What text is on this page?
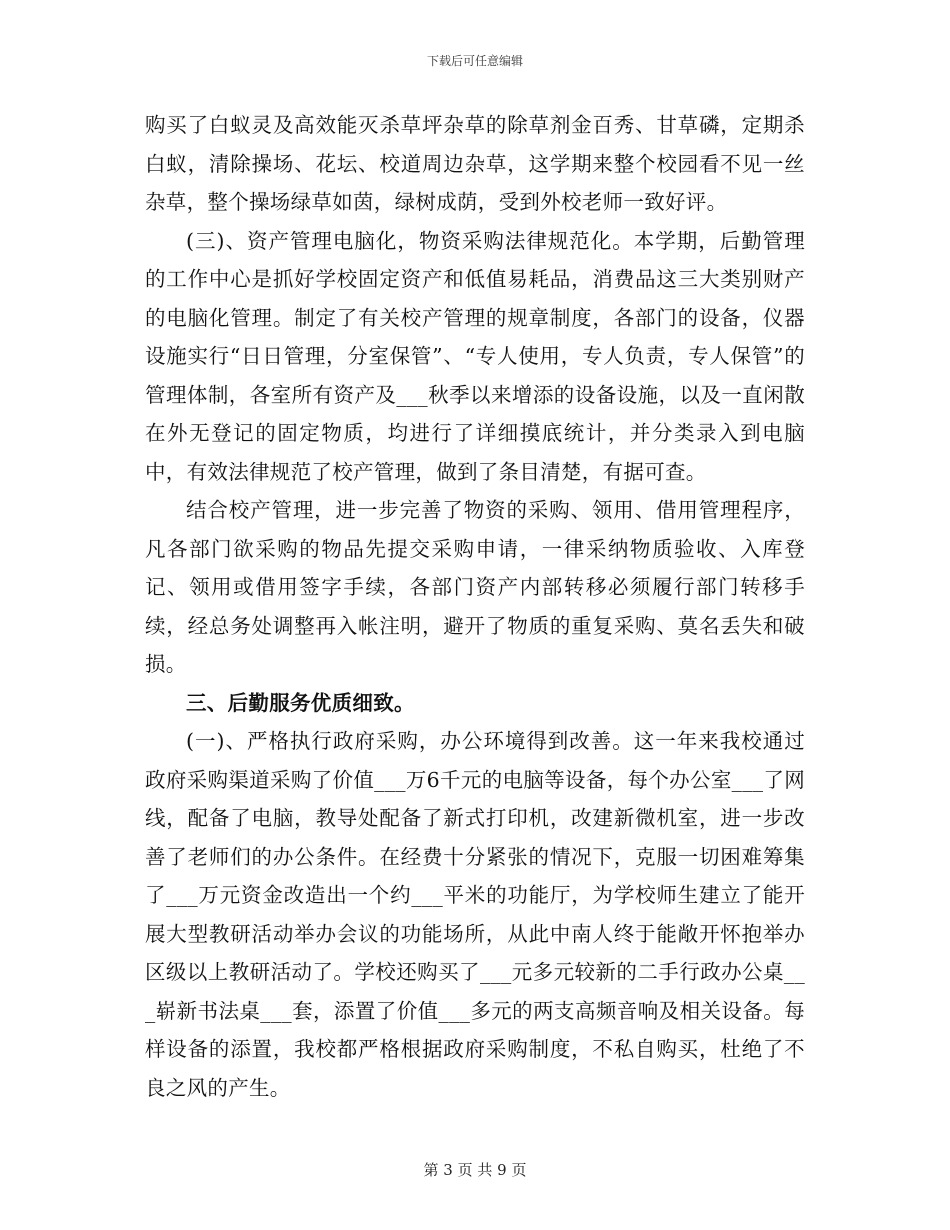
下载后可任意编辑

购买了白蚁灵及高效能灭杀草坪杂草的除草剂金百秀、甘草磷，定期杀白蚁，清除操场、花坛、校道周边杂草，这学期来整个校园看不见一丝杂草，整个操场绿草如茵，绿树成荫，受到外校老师一致好评。

(三)、资产管理电脑化，物资采购法律规范化。本学期，后勤管理的工作中心是抓好学校固定资产和低值易耗品，消费品这三大类别财产的电脑化管理。制定了有关校产管理的规章制度，各部门的设备，仪器设施实行“日日管理，分室保管”、“专人使用，专人负责，专人保管”的管理体制，各室所有资产及___秋季以来增添的设备设施，以及一直闲散在外无登记的固定物质，均进行了详细摸底统计，并分类录入到电脑中，有效法律规范了校产管理，做到了条目清楚，有据可查。

结合校产管理，进一步完善了物资的采购、领用、借用管理程序，凡各部门欲采购的物品先提交采购申请，一律采纳物质验收、入库登记、领用或借用签字手续，各部门资产内部转移必须履行部门转移手续，经总务处调整再入帐注明，避开了物质的重复采购、莫名丢失和破损。

三、后勤服务优质细致。

(一)、严格执行政府采购，办公环境得到改善。这一年来我校通过政府采购渠道采购了价值___万6千元的电脑等设备，每个办公室___了网线，配备了电脑，教导处配备了新式打印机，改建新微机室，进一步改善了老师们的办公条件。在经费十分紧张的情况下，克服一切困难筹集了___万元资金改造出一个约___平米的功能厅，为学校师生建立了能开展大型教研活动举办会议的功能场所，从此中南人终于能敞开怀抱举办区级以上教研活动了。学校还购买了___元多元较新的二手行政办公桌___崭新书法桌___套，添置了价值___多元的两支高频音响及相关设备。每样设备的添置，我校都严格根据政府采购制度，不私自购买，杜绝了不良之风的产生。

第 3 页 共 9 页
